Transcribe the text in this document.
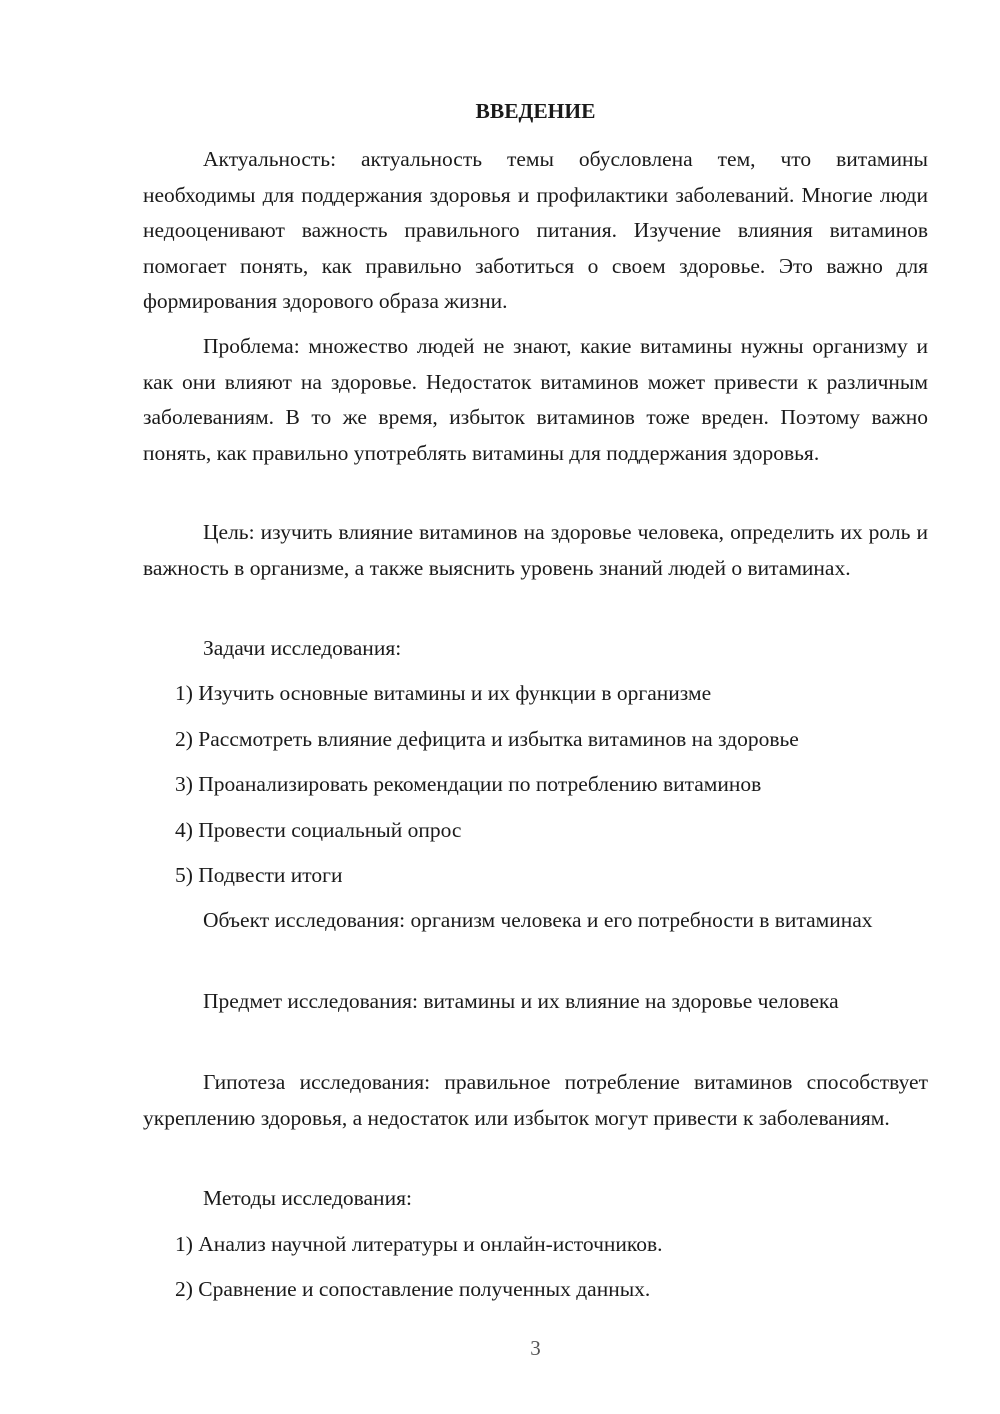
ВВЕДЕНИЕ

Актуальность: актуальность темы обусловлена тем, что витамины необходимы для поддержания здоровья и профилактики заболеваний. Многие люди недооценивают важность правильного питания. Изучение влияния витаминов помогает понять, как правильно заботиться о своем здоровье. Это важно для формирования здорового образа жизни.

Проблема: множество людей не знают, какие витамины нужны организму и как они влияют на здоровье. Недостаток витаминов может привести к различным заболеваниям. В то же время, избыток витаминов тоже вреден. Поэтому важно понять, как правильно употреблять витамины для поддержания здоровья.

Цель: изучить влияние витаминов на здоровье человека, определить их роль и важность в организме, а также выяснить уровень знаний людей о витаминах.

Задачи исследования:

1) Изучить основные витамины и их функции в организме

2) Рассмотреть влияние дефицита и избытка витаминов на здоровье

3) Проанализировать рекомендации по потреблению витаминов

4) Провести социальный опрос

5) Подвести итоги

Объект исследования: организм человека и его потребности в витаминах

Предмет исследования: витамины и их влияние на здоровье человека

Гипотеза исследования: правильное потребление витаминов способствует укреплению здоровья, а недостаток или избыток могут привести к заболеваниям.

Методы исследования:

1) Анализ научной литературы и онлайн-источников.

2) Сравнение и сопоставление полученных данных.

3
